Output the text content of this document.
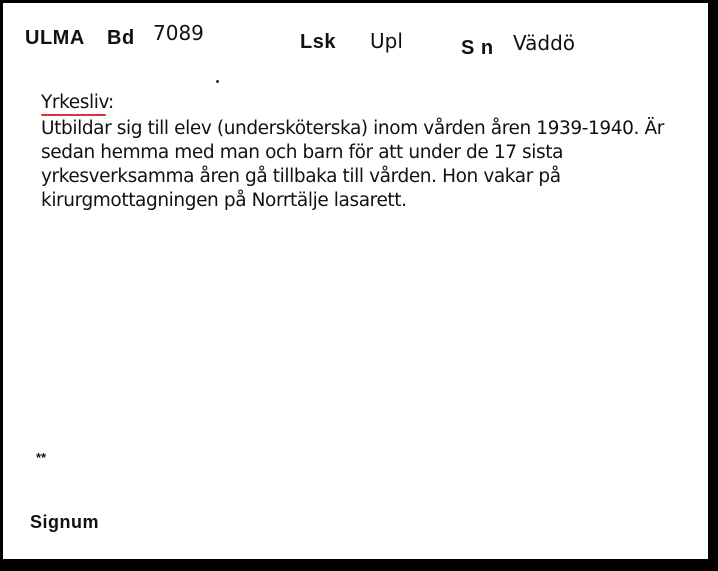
ULMA Bd 7089	Lsk Upl	S n Väddö
Yrkesliv:
Utbildar sig till elev (undersköterska) inom vården åren 1939-1940. Är sedan hemma med man och barn för att under de 17 sista yrkesverksamma åren gå tillbaka till vården. Hon vakar på kirurgmottagningen på Norrtälje lasarett.
**
Signum
